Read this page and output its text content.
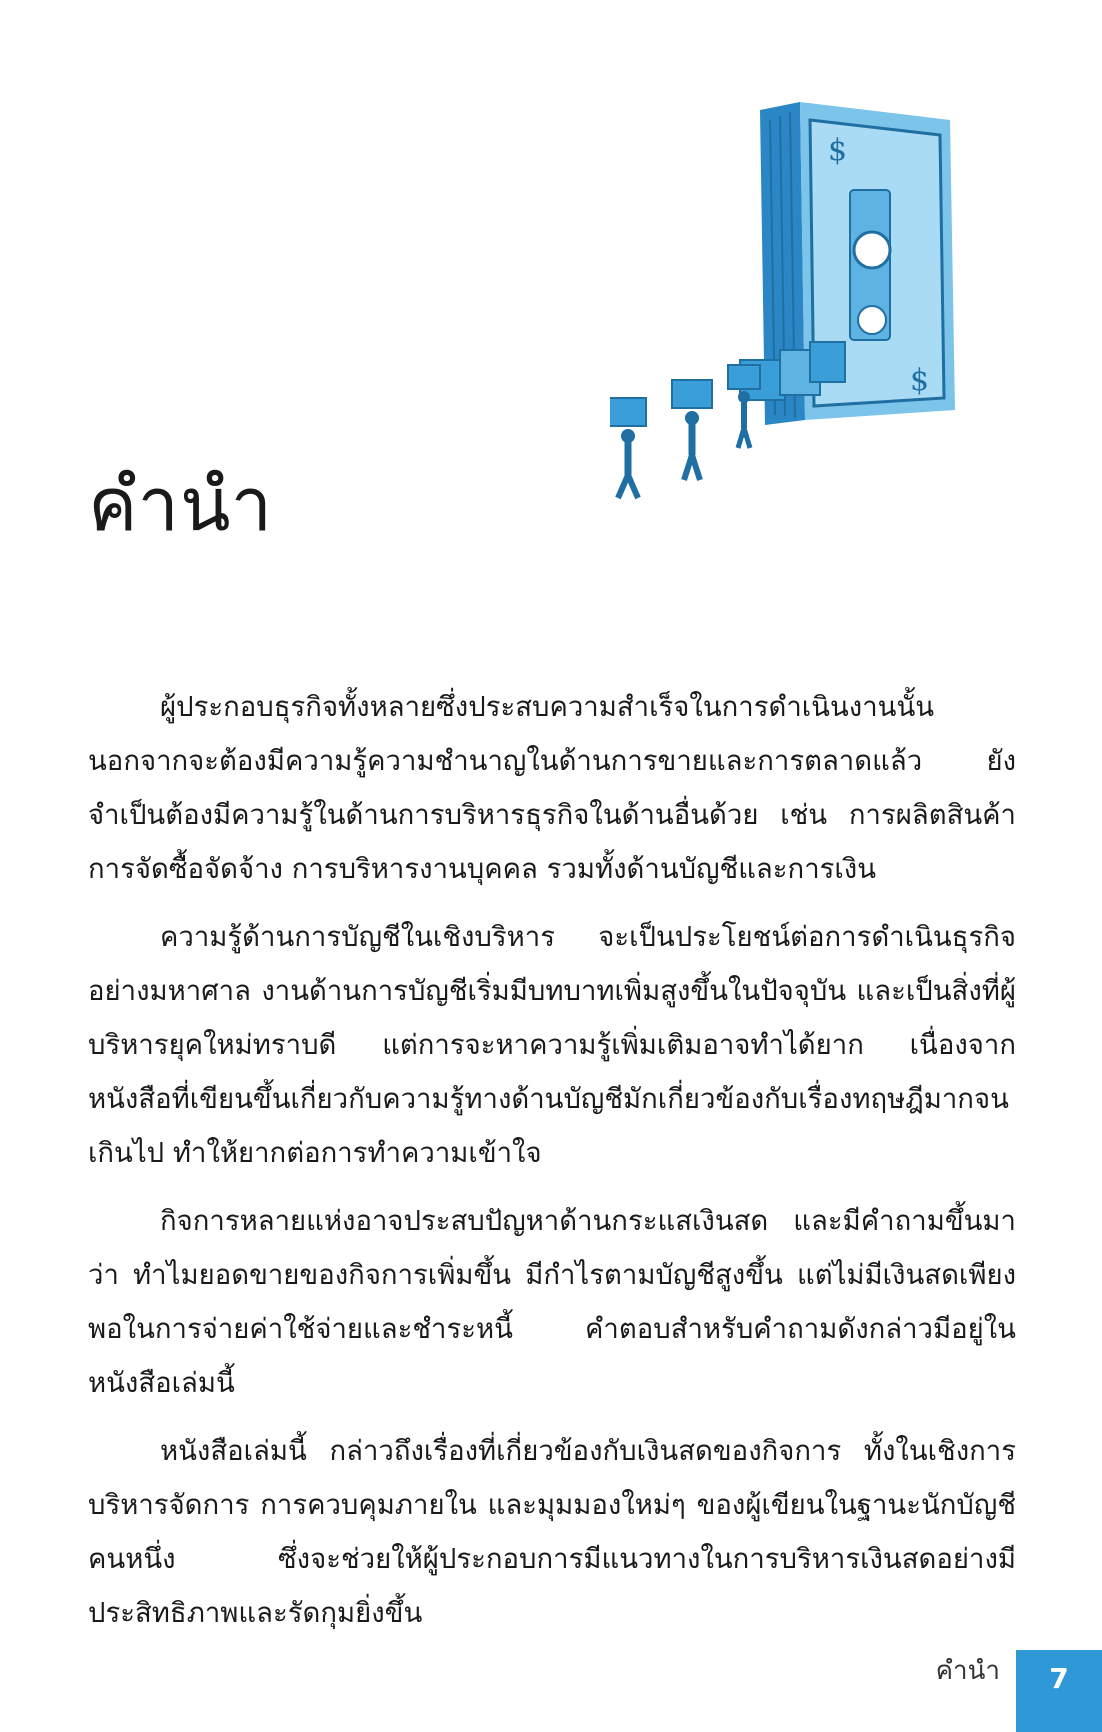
$
$
คำนำ

ผู้ประกอบธุรกิจทั้งหลายซึ่งประสบความสำเร็จในการดำเนินงานนั้น นอกจากจะต้องมีความรู้ความชำนาญในด้านการขายและการตลาดแล้ว ยังจำเป็นต้องมีความรู้ในด้านการบริหารธุรกิจในด้านอื่นด้วย เช่น การผลิตสินค้า การจัดซื้อจัดจ้าง การบริหารงานบุคคล รวมทั้งด้านบัญชีและการเงิน

ความรู้ด้านการบัญชีในเชิงบริหาร จะเป็นประโยชน์ต่อการดำเนินธุรกิจอย่างมหาศาล งานด้านการบัญชีเริ่มมีบทบาทเพิ่มสูงขึ้นในปัจจุบัน และเป็นสิ่งที่ผู้บริหารยุคใหม่ทราบดี แต่การจะหาความรู้เพิ่มเติมอาจทำได้ยาก เนื่องจากหนังสือที่เขียนขึ้นเกี่ยวกับความรู้ทางด้านบัญชีมักเกี่ยวข้องกับเรื่องทฤษฎีมากจนเกินไป ทำให้ยากต่อการทำความเข้าใจ

กิจการหลายแห่งอาจประสบปัญหาด้านกระแสเงินสด และมีคำถามขึ้นมาว่า ทำไมยอดขายของกิจการเพิ่มขึ้น มีกำไรตามบัญชีสูงขึ้น แต่ไม่มีเงินสดเพียงพอในการจ่ายค่าใช้จ่ายและชำระหนี้ คำตอบสำหรับคำถามดังกล่าวมีอยู่ในหนังสือเล่มนี้

หนังสือเล่มนี้ กล่าวถึงเรื่องที่เกี่ยวข้องกับเงินสดของกิจการ ทั้งในเชิงการบริหารจัดการ การควบคุมภายใน และมุมมองใหม่ๆ ของผู้เขียนในฐานะนักบัญชีคนหนึ่ง ซึ่งจะช่วยให้ผู้ประกอบการมีแนวทางในการบริหารเงินสดอย่างมีประสิทธิภาพและรัดกุมยิ่งขึ้น

คำนำ 7
